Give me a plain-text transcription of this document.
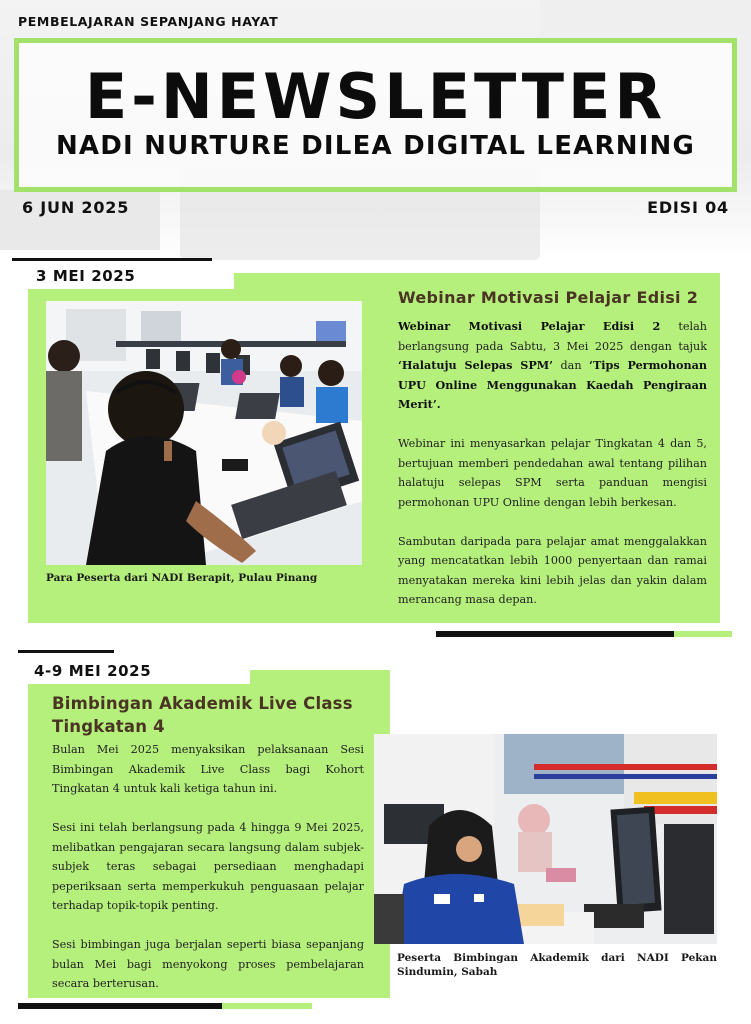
PEMBELAJARAN SEPANJANG HAYAT
E-NEWSLETTER
NADI NURTURE DILEA DIGITAL LEARNING
6 JUN 2025	EDISI 04
3 MEI 2025
Para Peserta dari NADI Berapit, Pulau Pinang
Webinar Motivasi Pelajar Edisi 2

Webinar Motivasi Pelajar Edisi 2 telah berlangsung pada Sabtu, 3 Mei 2025 dengan tajuk ‘Halatuju Selepas SPM’ dan ‘Tips Permohonan UPU Online Menggunakan Kaedah Pengiraan Merit’.

Webinar ini menyasarkan pelajar Tingkatan 4 dan 5, bertujuan memberi pendedahan awal tentang pilihan halatuju selepas SPM serta panduan mengisi permohonan UPU Online dengan lebih berkesan.

Sambutan daripada para pelajar amat menggalakkan yang mencatatkan lebih 1000 penyertaan dan ramai menyatakan mereka kini lebih jelas dan yakin dalam merancang masa depan.

4-9 MEI 2025
Bimbingan Akademik Live Class Tingkatan 4

Bulan Mei 2025 menyaksikan pelaksanaan Sesi Bimbingan Akademik Live Class bagi Kohort Tingkatan 4 untuk kali ketiga tahun ini.

Sesi ini telah berlangsung pada 4 hingga 9 Mei 2025, melibatkan pengajaran secara langsung dalam subjek-subjek teras sebagai persediaan menghadapi peperiksaan serta memperkukuh penguasaan pelajar terhadap topik-topik penting.

Sesi bimbingan juga berjalan seperti biasa sepanjang bulan Mei bagi menyokong proses pembelajaran secara berterusan.

Peserta Bimbingan Akademik dari NADI Pekan Sindumin, Sabah
